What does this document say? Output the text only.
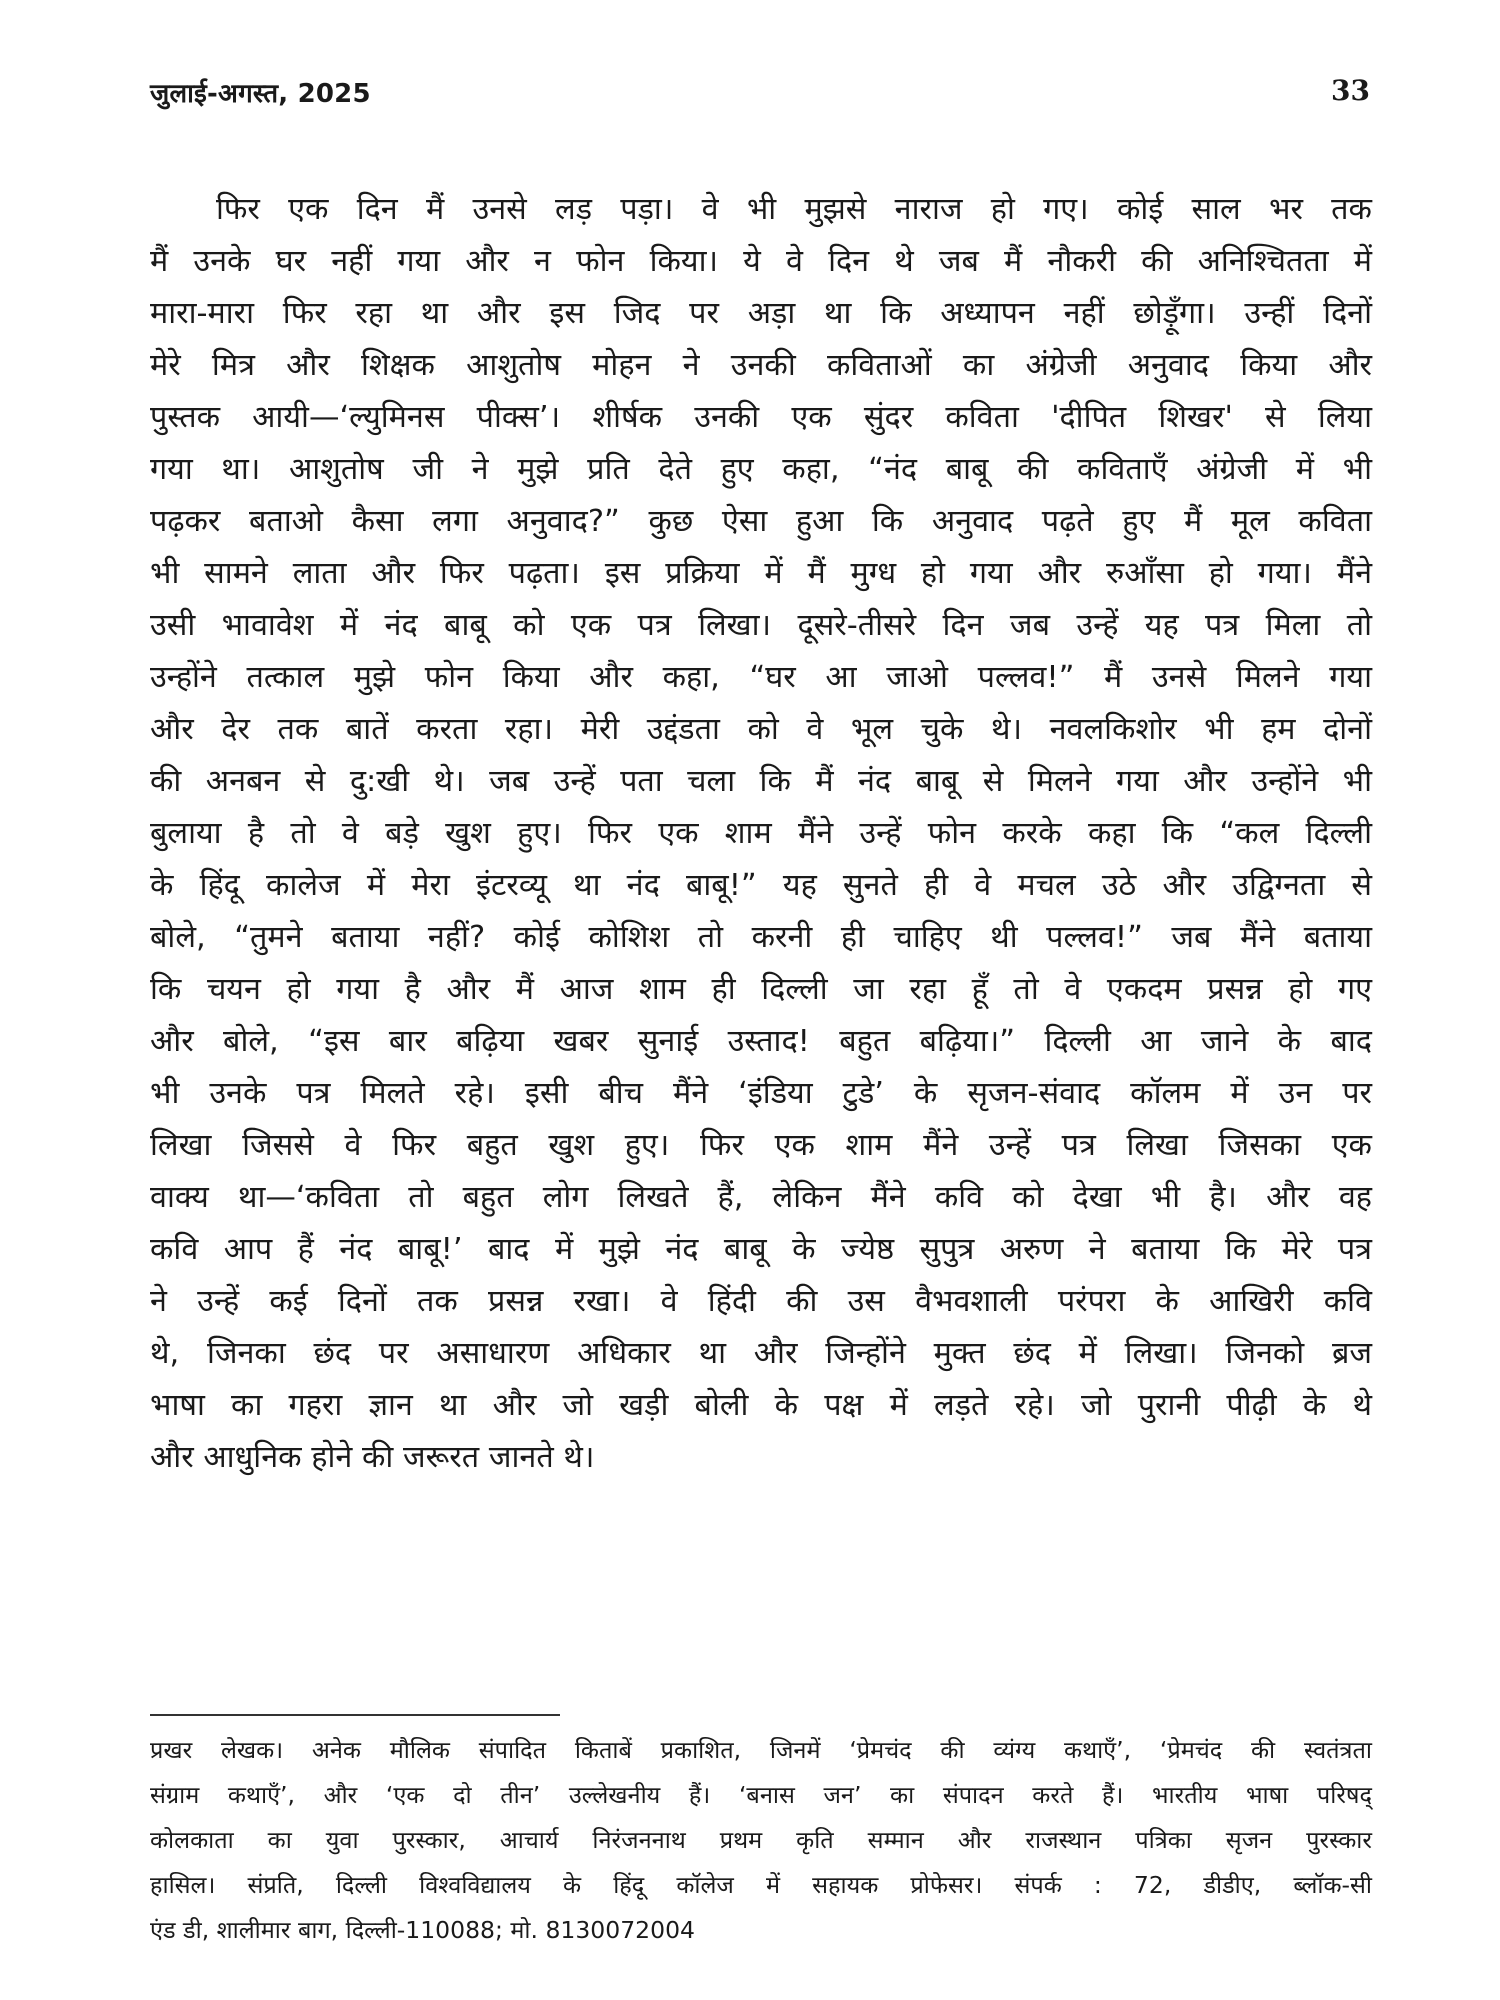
जुलाई-अगस्त, 2025	33
फिर एक दिन मैं उनसे लड़ पड़ा। वे भी मुझसे नाराज हो गए। कोई साल भर तक
मैं उनके घर नहीं गया और न फोन किया। ये वे दिन थे जब मैं नौकरी की अनिश्चितता में
मारा-मारा फिर रहा था और इस जिद पर अड़ा था कि अध्यापन नहीं छोड़ूँगा। उन्हीं दिनों
मेरे मित्र और शिक्षक आशुतोष मोहन ने उनकी कविताओं का अंग्रेजी अनुवाद किया और
पुस्तक आयी—‘ल्युमिनस पीक्स’। शीर्षक उनकी एक सुंदर कविता 'दीपित शिखर' से लिया
गया था। आशुतोष जी ने मुझे प्रति देते हुए कहा, “नंद बाबू की कविताएँ अंग्रेजी में भी
पढ़कर बताओ कैसा लगा अनुवाद?” कुछ ऐसा हुआ कि अनुवाद पढ़ते हुए मैं मूल कविता
भी सामने लाता और फिर पढ़ता। इस प्रक्रिया में मैं मुग्ध हो गया और रुआँसा हो गया। मैंने
उसी भावावेश में नंद बाबू को एक पत्र लिखा। दूसरे-तीसरे दिन जब उन्हें यह पत्र मिला तो
उन्होंने तत्काल मुझे फोन किया और कहा, “घर आ जाओ पल्लव!” मैं उनसे मिलने गया
और देर तक बातें करता रहा। मेरी उद्दंडता को वे भूल चुके थे। नवलकिशोर भी हम दोनों
की अनबन से दु:खी थे। जब उन्हें पता चला कि मैं नंद बाबू से मिलने गया और उन्होंने भी
बुलाया है तो वे बड़े खुश हुए। फिर एक शाम मैंने उन्हें फोन करके कहा कि “कल दिल्ली
के हिंदू कालेज में मेरा इंटरव्यू था नंद बाबू!” यह सुनते ही वे मचल उठे और उद्विग्नता से
बोले, “तुमने बताया नहीं? कोई कोशिश तो करनी ही चाहिए थी पल्लव!” जब मैंने बताया
कि चयन हो गया है और मैं आज शाम ही दिल्ली जा रहा हूँ तो वे एकदम प्रसन्न हो गए
और बोले, “इस बार बढ़िया खबर सुनाई उस्ताद! बहुत बढ़िया।” दिल्ली आ जाने के बाद
भी उनके पत्र मिलते रहे। इसी बीच मैंने ‘इंडिया टुडे’ के सृजन-संवाद कॉलम में उन पर
लिखा जिससे वे फिर बहुत खुश हुए। फिर एक शाम मैंने उन्हें पत्र लिखा जिसका एक
वाक्य था—‘कविता तो बहुत लोग लिखते हैं, लेकिन मैंने कवि को देखा भी है। और वह
कवि आप हैं नंद बाबू!’ बाद में मुझे नंद बाबू के ज्येष्ठ सुपुत्र अरुण ने बताया कि मेरे पत्र
ने उन्हें कई दिनों तक प्रसन्न रखा। वे हिंदी की उस वैभवशाली परंपरा के आखिरी कवि
थे, जिनका छंद पर असाधारण अधिकार था और जिन्होंने मुक्त छंद में लिखा। जिनको ब्रज
भाषा का गहरा ज्ञान था और जो खड़ी बोली के पक्ष में लड़ते रहे। जो पुरानी पीढ़ी के थे
और आधुनिक होने की जरूरत जानते थे।
प्रखर लेखक। अनेक मौलिक संपादित किताबें प्रकाशित, जिनमें ‘प्रेमचंद की व्यंग्य कथाएँ’, ‘प्रेमचंद की स्वतंत्रता
संग्राम कथाएँ’, और ‘एक दो तीन’ उल्लेखनीय हैं। ‘बनास जन’ का संपादन करते हैं। भारतीय भाषा परिषद्
कोलकाता का युवा पुरस्कार, आचार्य निरंजननाथ प्रथम कृति सम्मान और राजस्थान पत्रिका सृजन पुरस्कार
हासिल। संप्रति, दिल्ली विश्वविद्यालय के हिंदू कॉलेज में सहायक प्रोफेसर। संपर्क : 72, डीडीए, ब्लॉक-सी
एंड डी, शालीमार बाग, दिल्ली-110088; मो. 8130072004
